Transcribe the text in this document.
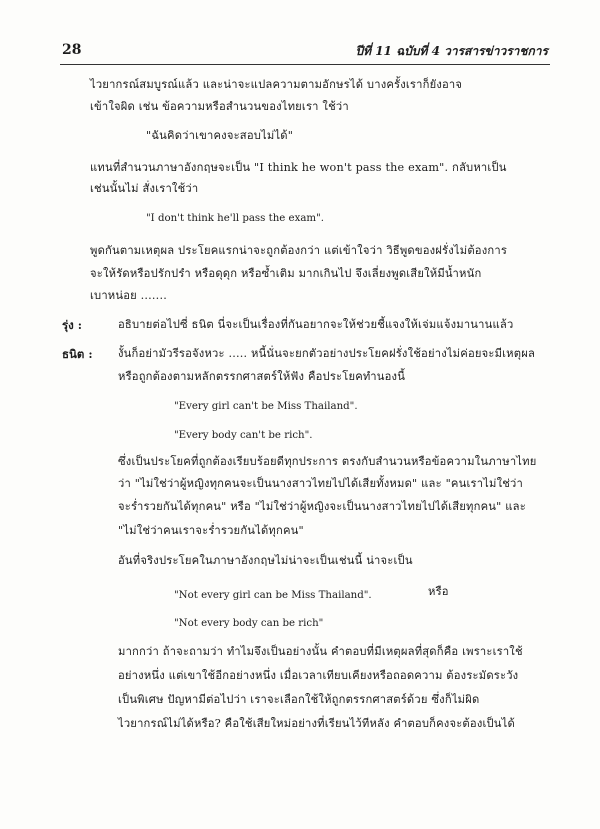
28	ปีที่ 11 ฉบับที่ 4 วารสารข่าวราชการ
ไวยากรณ์สมบูรณ์แล้ว และน่าจะแปลความตามอักษรได้ บางครั้งเราก็ยังอาจ
เข้าใจผิด เช่น ข้อความหรือสำนวนของไทยเรา ใช้ว่า
"ฉันคิดว่าเขาคงจะสอบไม่ได้"
แทนที่สำนวนภาษาอังกฤษจะเป็น "I think he won't pass the exam". กลับหาเป็น
เช่นนั้นไม่ สั่งเราใช้ว่า
"I don't think he'll pass the exam".
พูดกันตามเหตุผล ประโยคแรกน่าจะถูกต้องกว่า แต่เข้าใจว่า วิธีพูดของฝรั่งไม่ต้องการ
จะให้รัดหรือปรักปรำ หรือดุดุก หรือซ้ำเติม มากเกินไป จึงเลี่ยงพูดเสียให้มีน้ำหนัก
เบาหน่อย .......
รุ่ง :	อธิบายต่อไปซี่ ธนิต นี่จะเป็นเรื่องที่กันอยากจะให้ช่วยชี้แจงให้เจ่มแจ้งมานานแล้ว
ธนิต : งั้นก็อย่ามัวรีรอจังหวะ ..... หนี้นั่นจะยกตัวอย่างประโยคฝรั่งใช้อย่างไม่ค่อยจะมีเหตุผล
หรือถูกต้องตามหลักตรรกศาสตร์ให้ฟัง คือประโยคทำนองนี้
"Every girl can't be Miss Thailand".
"Every body can't be rich".
ซึ่งเป็นประโยคที่ถูกต้องเรียบร้อยดีทุกประการ ตรงกับสำนวนหรือข้อความในภาษาไทย
ว่า "ไม่ใช่ว่าผู้หญิงทุกคนจะเป็นนางสาวไทยไปได้เสียทั้งหมด" และ "คนเราไม่ใช่ว่า
จะร่ำรวยกันได้ทุกคน" หรือ "ไม่ใช่ว่าผู้หญิงจะเป็นนางสาวไทยไปได้เสียทุกคน" และ
"ไม่ใช่ว่าคนเราจะร่ำรวยกันได้ทุกคน"
อันที่จริงประโยคในภาษาอังกฤษไม่น่าจะเป็นเช่นนี้ น่าจะเป็น
"Not every girl can be Miss Thailand".	หรือ
"Not every body can be rich"
มากกว่า ถ้าจะถามว่า ทำไมจึงเป็นอย่างนั้น คำตอบที่มีเหตุผลที่สุดก็คือ เพราะเราใช้
อย่างหนึ่ง แต่เขาใช้อีกอย่างหนึ่ง เมื่อเวลาเทียบเคียงหรือถอดความ ต้องระมัดระวัง
เป็นพิเศษ ปัญหามีต่อไปว่า เราจะเลือกใช้ให้ถูกตรรกศาสตร์ด้วย ซึ่งก็ไม่ผิด
ไวยากรณ์ไม่ได้หรือ? คือใช้เสียใหม่อย่างที่เรียนไว้ทีหลัง คำตอบก็คงจะต้องเป็นได้
